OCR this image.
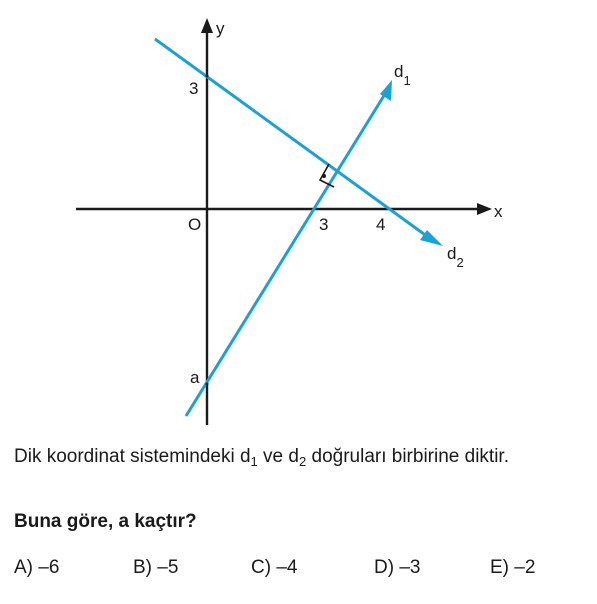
y
x
O	3	4
3
a
$d_1$
$d_2$
Dik koordinat sistemindeki $d_1$ ve $d_2$ doğruları birbirine diktir.
Buna göre, a kaçtır?
A) –6	B) –5	C) –4	D) –3	E) –2
